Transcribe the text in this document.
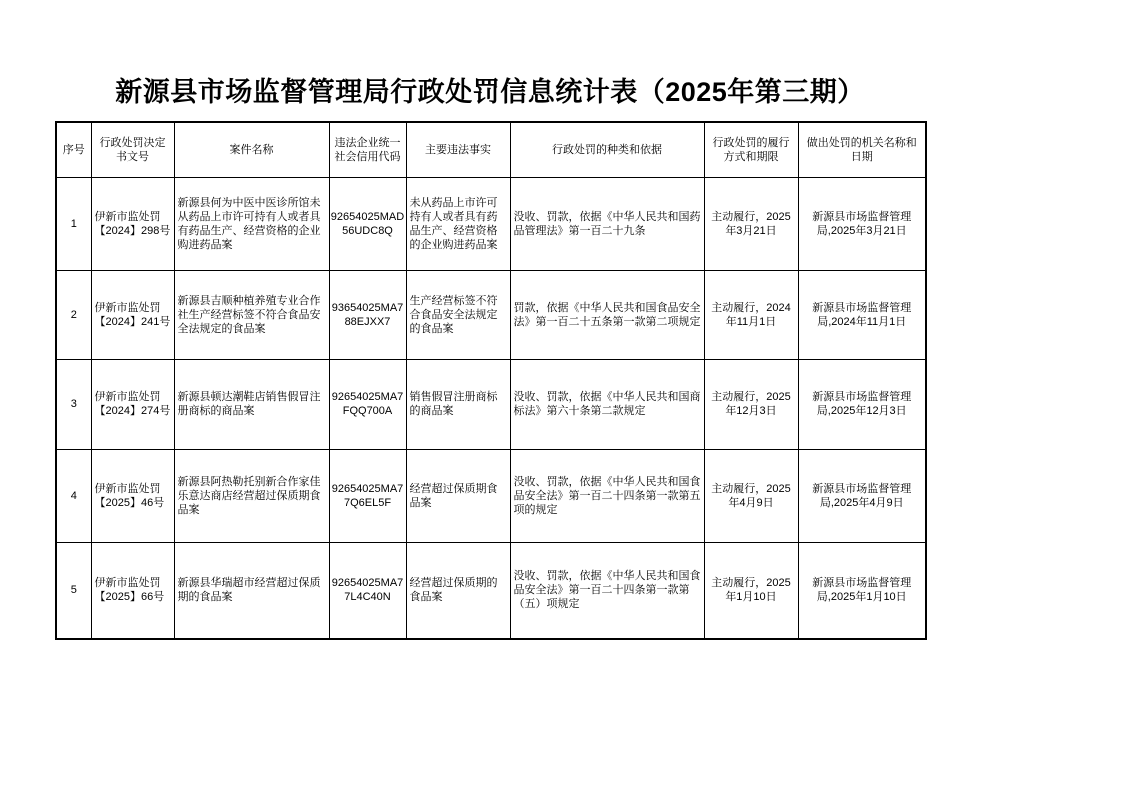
新源县市场监督管理局行政处罚信息统计表（2025年第三期）
序号	行政处罚决定书文号	案件名称	违法企业统一社会信用代码	主要违法事实	行政处罚的种类和依据	行政处罚的履行方式和期限	做出处罚的机关名称和日期
1	伊新市监处罚【2024】298号	新源县何为中医中医诊所馆未从药品上市许可持有人或者具有药品生产、经营资格的企业购进药品案	92654025MAD56UDC8Q	未从药品上市许可持有人或者具有药品生产、经营资格的企业购进药品案	没收、罚款，依据《中华人民共和国药品管理法》第一百二十九条	主动履行，2025年3月21日	新源县市场监督管理局,2025年3月21日
2	伊新市监处罚【2024】241号	新源县吉顺种植养殖专业合作社生产经营标签不符合食品安全法规定的食品案	93654025MA788EJXX7	生产经营标签不符合食品安全法规定的食品案	罚款，依据《中华人民共和国食品安全法》第一百二十五条第一款第二项规定	主动履行，2024年11月1日	新源县市场监督管理局,2024年11月1日
3	伊新市监处罚【2024】274号	新源县顿达潮鞋店销售假冒注册商标的商品案	92654025MA7FQQ700A	销售假冒注册商标的商品案	没收、罚款，依据《中华人民共和国商标法》第六十条第二款规定	主动履行，2025年12月3日	新源县市场监督管理局,2025年12月3日
4	伊新市监处罚【2025】46号	新源县阿热勒托别新合作家佳乐意达商店经营超过保质期食品案	92654025MA77Q6EL5F	经营超过保质期食品案	没收、罚款，依据《中华人民共和国食品安全法》第一百二十四条第一款第五项的规定	主动履行，2025年4月9日	新源县市场监督管理局,2025年4月9日
5	伊新市监处罚【2025】66号	新源县华瑞超市经营超过保质期的食品案	92654025MA77L4C40N	经营超过保质期的食品案	没收、罚款，依据《中华人民共和国食品安全法》第一百二十四条第一款第（五）项规定	主动履行，2025年1月10日	新源县市场监督管理局,2025年1月10日
